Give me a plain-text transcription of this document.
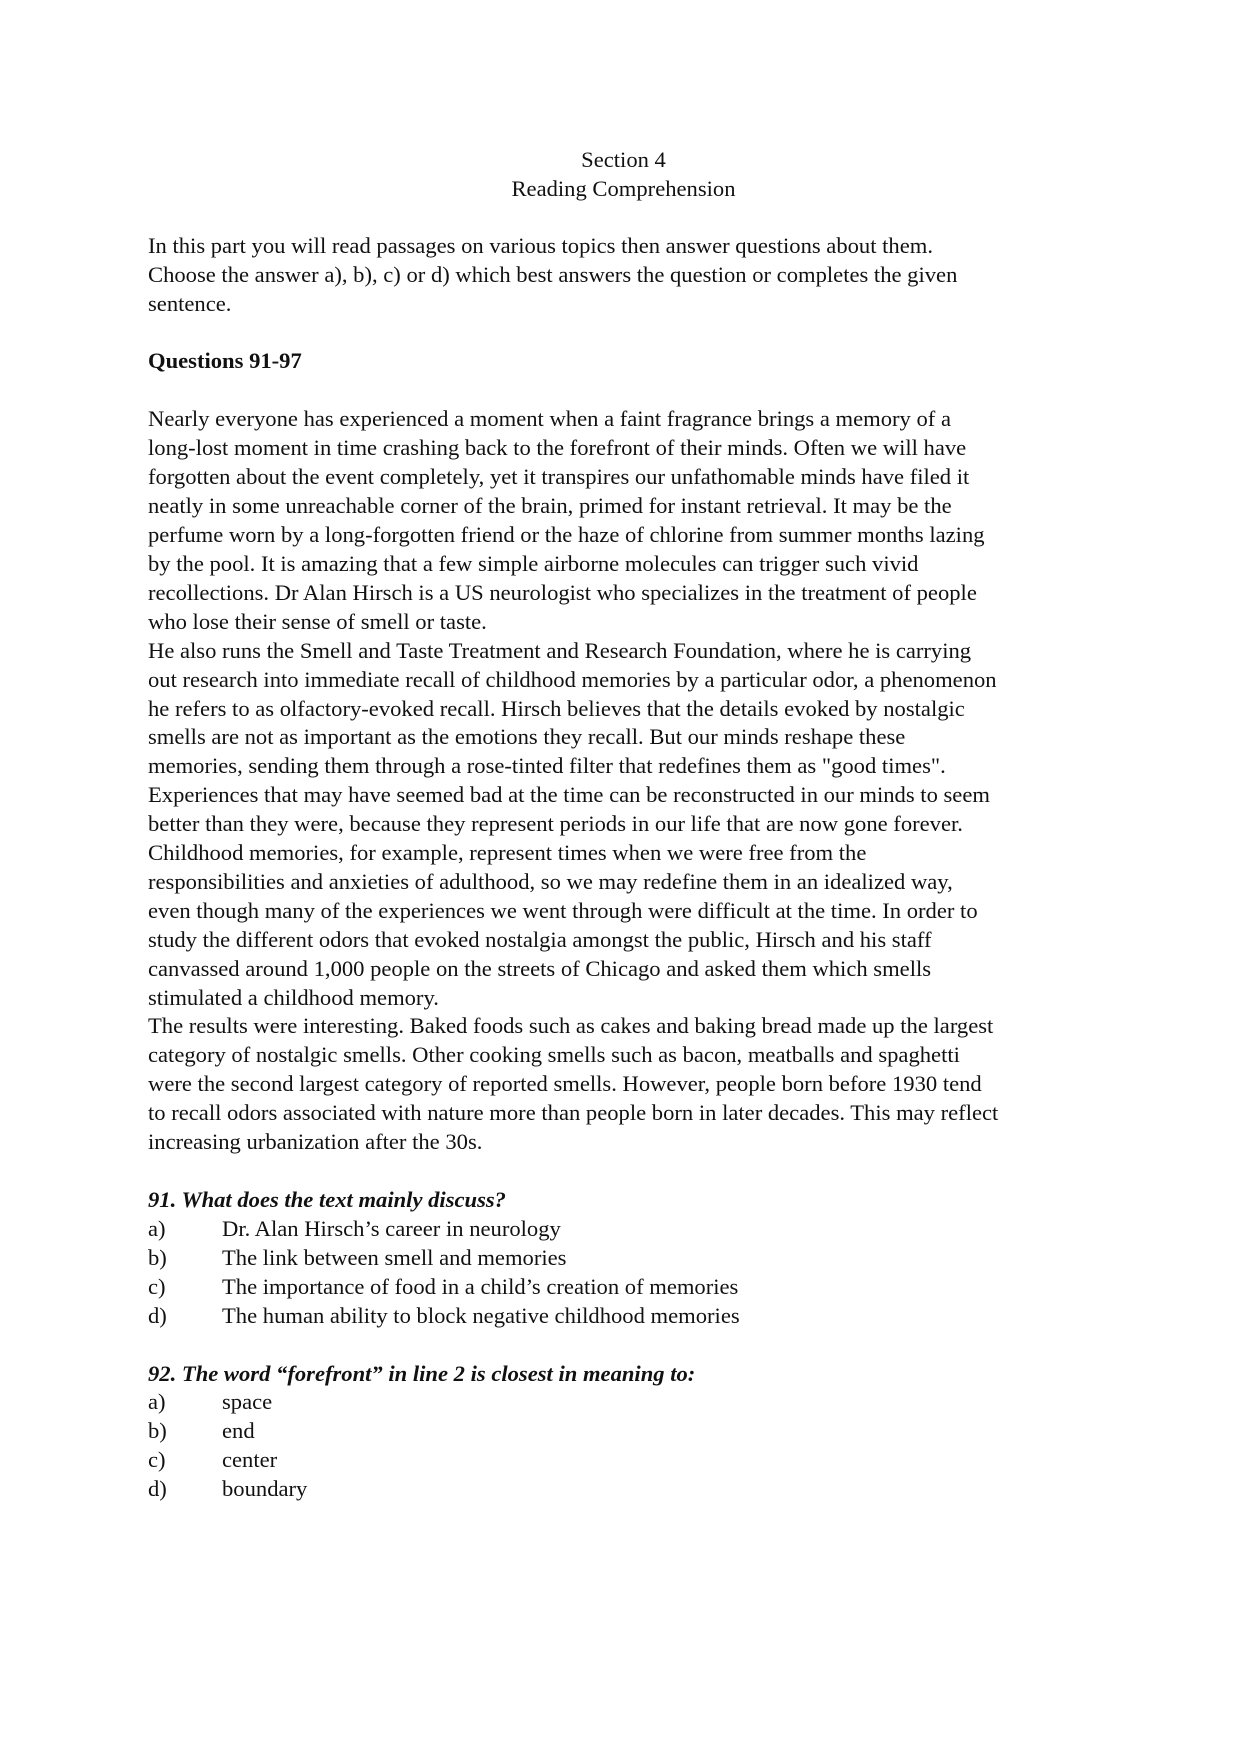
Section 4
Reading Comprehension
In this part you will read passages on various topics then answer questions about them.
Choose the answer a), b), c) or d) which best answers the question or completes the given
sentence.
Questions 91-97
Nearly everyone has experienced a moment when a faint fragrance brings a memory of a
long-lost moment in time crashing back to the forefront of their minds. Often we will have
forgotten about the event completely, yet it transpires our unfathomable minds have filed it
neatly in some unreachable corner of the brain, primed for instant retrieval. It may be the
perfume worn by a long-forgotten friend or the haze of chlorine from summer months lazing
by the pool. It is amazing that a few simple airborne molecules can trigger such vivid
recollections. Dr Alan Hirsch is a US neurologist who specializes in the treatment of people
who lose their sense of smell or taste.
He also runs the Smell and Taste Treatment and Research Foundation, where he is carrying
out research into immediate recall of childhood memories by a particular odor, a phenomenon
he refers to as olfactory-evoked recall. Hirsch believes that the details evoked by nostalgic
smells are not as important as the emotions they recall. But our minds reshape these
memories, sending them through a rose-tinted filter that redefines them as "good times".
Experiences that may have seemed bad at the time can be reconstructed in our minds to seem
better than they were, because they represent periods in our life that are now gone forever.
Childhood memories, for example, represent times when we were free from the
responsibilities and anxieties of adulthood, so we may redefine them in an idealized way,
even though many of the experiences we went through were difficult at the time. In order to
study the different odors that evoked nostalgia amongst the public, Hirsch and his staff
canvassed around 1,000 people on the streets of Chicago and asked them which smells
stimulated a childhood memory.
The results were interesting. Baked foods such as cakes and baking bread made up the largest
category of nostalgic smells. Other cooking smells such as bacon, meatballs and spaghetti
were the second largest category of reported smells. However, people born before 1930 tend
to recall odors associated with nature more than people born in later decades. This may reflect
increasing urbanization after the 30s.
91. What does the text mainly discuss?
a)	Dr. Alan Hirsch’s career in neurology
b)	The link between smell and memories
c)	The importance of food in a child’s creation of memories
d)	The human ability to block negative childhood memories
92. The word “forefront” in line 2 is closest in meaning to:
a)	space
b)	end
c)	center
d)	boundary
